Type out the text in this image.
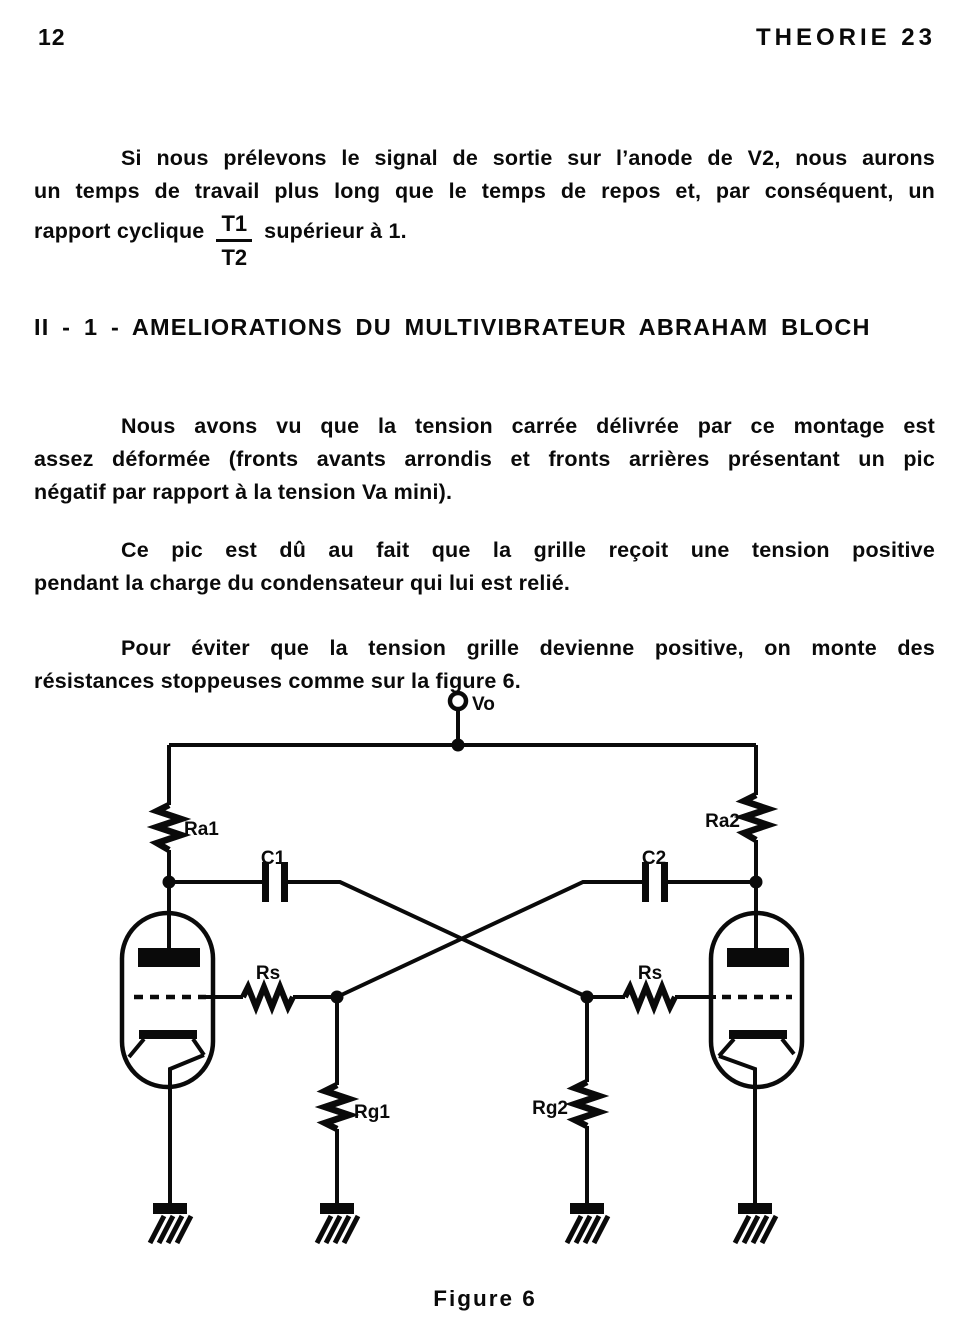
12	THEORIE 23
Si nous prélevons le signal de sortie sur l’anode de V2, nous aurons
un temps de travail plus long que le temps de repos et, par conséquent, un
rapport cyclique $\frac{T1}{T2}$ supérieur à 1.
II - 1 - AMELIORATIONS DU MULTIVIBRATEUR ABRAHAM BLOCH
Nous avons vu que la tension carrée délivrée par ce montage est
assez déformée (fronts avants arrondis et fronts arrières présentant un pic
négatif par rapport à la tension Va mini).
Ce pic est dû au fait que la grille reçoit une tension positive
pendant la charge du condensateur qui lui est relié.
Pour éviter que la tension grille devienne positive, on monte des
résistances stoppeuses comme sur la figure 6.
Vo
Ra1
C1
Ra2
C2
Rs
Rg1
Rs
Rg2
Figure 6
